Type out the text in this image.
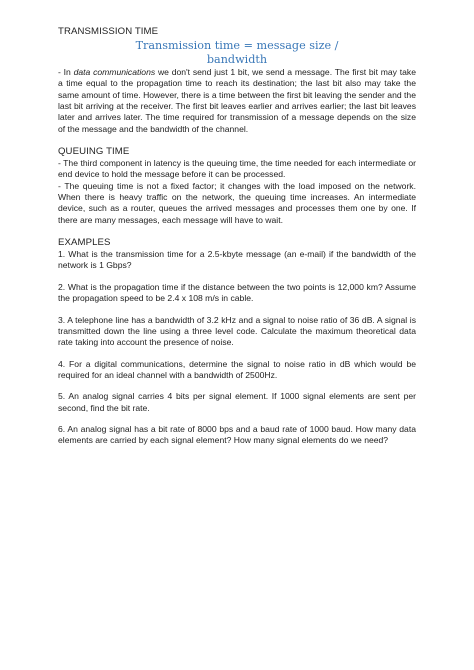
TRANSMISSION TIME
Transmission time = message size /
bandwidth

- In data communications we don't send just 1 bit, we send a message. The first bit may take a time equal to the propagation time to reach its destination; the last bit also may take the same amount of time. However, there is a time between the first bit leaving the sender and the last bit arriving at the receiver. The first bit leaves earlier and arrives earlier; the last bit leaves later and arrives later. The time required for transmission of a message depends on the size of the message and the bandwidth of the channel.

QUEUING TIME

- The third component in latency is the queuing time, the time needed for each intermediate or end device to hold the message before it can be processed.

- The queuing time is not a fixed factor; it changes with the load imposed on the network. When there is heavy traffic on the network, the queuing time increases. An intermediate device, such as a router, queues the arrived messages and processes them one by one. If there are many messages, each message will have to wait.

EXAMPLES

1. What is the transmission time for a 2.5-kbyte message (an e-mail) if the bandwidth of the network is 1 Gbps?

2. What is the propagation time if the distance between the two points is 12,000 km? Assume the propagation speed to be 2.4 x 108 m/s in cable.

3. A telephone line has a bandwidth of 3.2 kHz and a signal to noise ratio of 36 dB. A signal is transmitted down the line using a three level code. Calculate the maximum theoretical data rate taking into account the presence of noise.

4. For a digital communications, determine the signal to noise ratio in dB which would be required for an ideal channel with a bandwidth of 2500Hz.

5. An analog signal carries 4 bits per signal element. If 1000 signal elements are sent per second, find the bit rate.

6. An analog signal has a bit rate of 8000 bps and a baud rate of 1000 baud. How many data elements are carried by each signal element? How many signal elements do we need?
